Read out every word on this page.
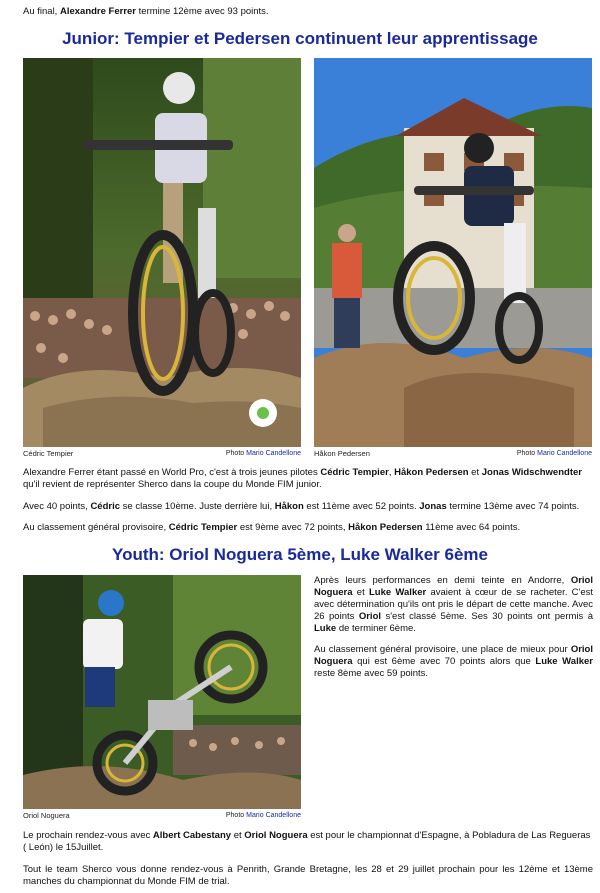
Au final, Alexandre Ferrer termine 12ème avec 93 points.

Junior: Tempier et Pedersen continuent leur apprentissage
Cédric Tempier	Photo Mario Candellone Håkon Pedersen	Photo Mario Candellone

Alexandre Ferrer étant passé en World Pro, c'est à trois jeunes pilotes Cédric Tempier, Håkon Pedersen et Jonas Widschwendter qu'il revient de représenter Sherco dans la coupe du Monde FIM junior.

Avec 40 points, Cédric se classe 10ème. Juste derrière lui, Håkon est 11ème avec 52 points. Jonas termine 13ème avec 74 points.

Au classement général provisoire, Cédric Tempier est 9ème avec 72 points, Håkon Pedersen 11ème avec 64 points.

Youth: Oriol Noguera 5ème, Luke Walker 6ème
Oriol Noguera	Photo Mario Candellone

Après leurs performances en demi teinte en Andorre, Oriol Noguera et Luke Walker avaient à cœur de se racheter. C'est avec détermination qu'ils ont pris le départ de cette manche. Avec 26 points Oriol s'est classé 5ème. Ses 30 points ont permis à Luke de terminer 6ème.

Au classement général provisoire, une place de mieux pour Oriol Noguera qui est 6ème avec 70 points alors que Luke Walker reste 8ème avec 59 points.

Le prochain rendez-vous avec Albert Cabestany et Oriol Noguera est pour le championnat d'Espagne, à Pobladura de Las Regueras ( León) le 15Juillet.

Tout le team Sherco vous donne rendez-vous à Penrith, Grande Bretagne, les 28 et 29 juillet prochain pour les 12ème et 13ème manches du championnat du Monde FIM de trial.
